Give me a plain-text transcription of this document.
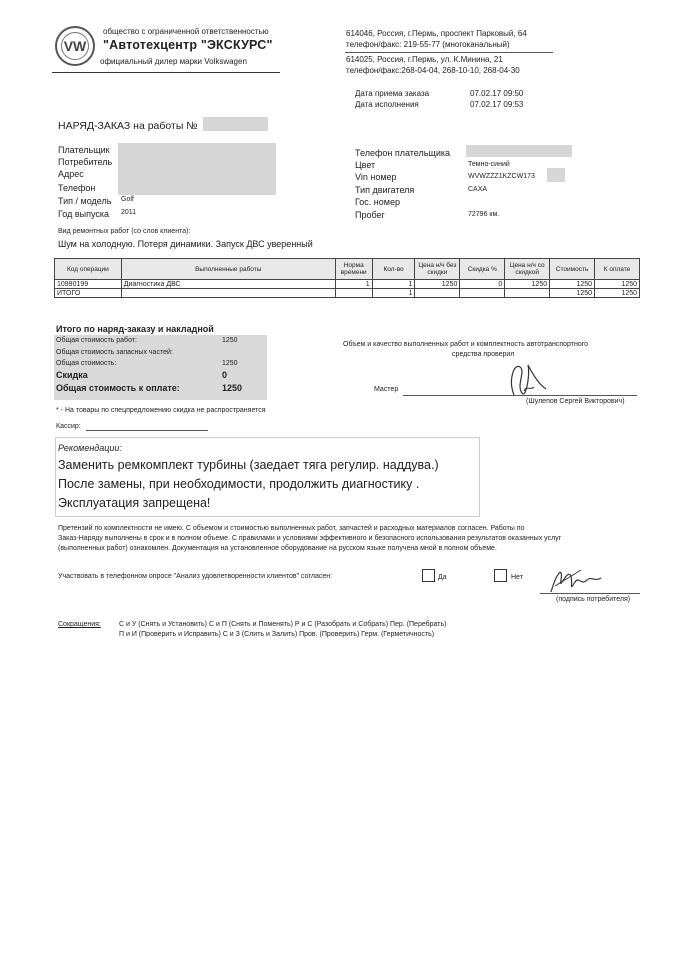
VW
общество с ограниченной ответственностью
"Автотехцентр "ЭКСКУРС"
официальный дилер марки Volkswagen
614046, Россия, г.Пермь, проспект Парковый, 64
телефон/факс: 219-55-77 (многоканальный)
614025, Россия, г.Пермь, ул. К.Минина, 21
телефон/факс:268-04-04, 268-10-10, 268-04-30
Дата приема заказа	07.02.17 09:50
Дата исполнения	07.02.17 09:53
НАРЯД-ЗАКАЗ на работы №
Плательщик
Потребитель
Адрес
Телефон
Тип / модель Golf
Год выпуска 2011
Телефон плательщика
Цвет	Темно-синий
Vin номер	WVWZZZ1KZCW173
Тип двигателя	CAXA
Гос. номер
Пробег	72796 км.
Вид ремонтных работ (со слов клиента):
Шум на холодную. Потеря динамики. Запуск ДВС уверенный
Код операции	Выполненные работы	Норма времени	Кол-во	Цена н/ч без скидки	Скидка %	Цена н/ч со скидкой	Стоимость	К оплате
10990199	Диагностика ДВС	1	1	1250	0	1250	1250	1250
ИТОГО			1				1250	1250
Итого по наряд-заказу и накладной
Общая стоимость работ:	1250
Общая стоимость запасных частей:
Общая стоимость:	1250
Скидка	0
Общая стоимость к оплате:	1250
Объем и качество выполненных работ и комплектность автотранспортного
средства проверил
Мастер
(Шулепов Сергей Викторович)
* - На товары по спецпредложению скидка не распространяется
Кассир:
Рекомендации:
Заменить ремкомплект турбины (заедает тяга регулир. наддува.)
После замены, при необходимости, продолжить диагностику .
Эксплуатация запрещена!
Претензий по комплектности не имею. С объемом и стоимостью выполненных работ, запчастей и расходных материалов согласен. Работы по
Заказ-Наряду выполнены в срок и в полном объеме. С правилами и условиями эффективного и безопасного использования результатов оказанных услуг
(выполненных работ) ознакомлен. Документация на установленное оборудование на русском языке получена мной в полном объеме.
Участвовать в телефонном опросе "Анализ удовлетворенности клиентов" согласен:	Да	Нет
(подпись потребителя)
Сокращения:	С и У (Снять и Установить) С и П (Снять и Поменять) Р и С (Разобрать и Собрать) Пер. (Перебрать)
П и И (Проверить и Исправить) С и З (Слить и Залить) Пров. (Проверить) Герм. (Герметичность)
